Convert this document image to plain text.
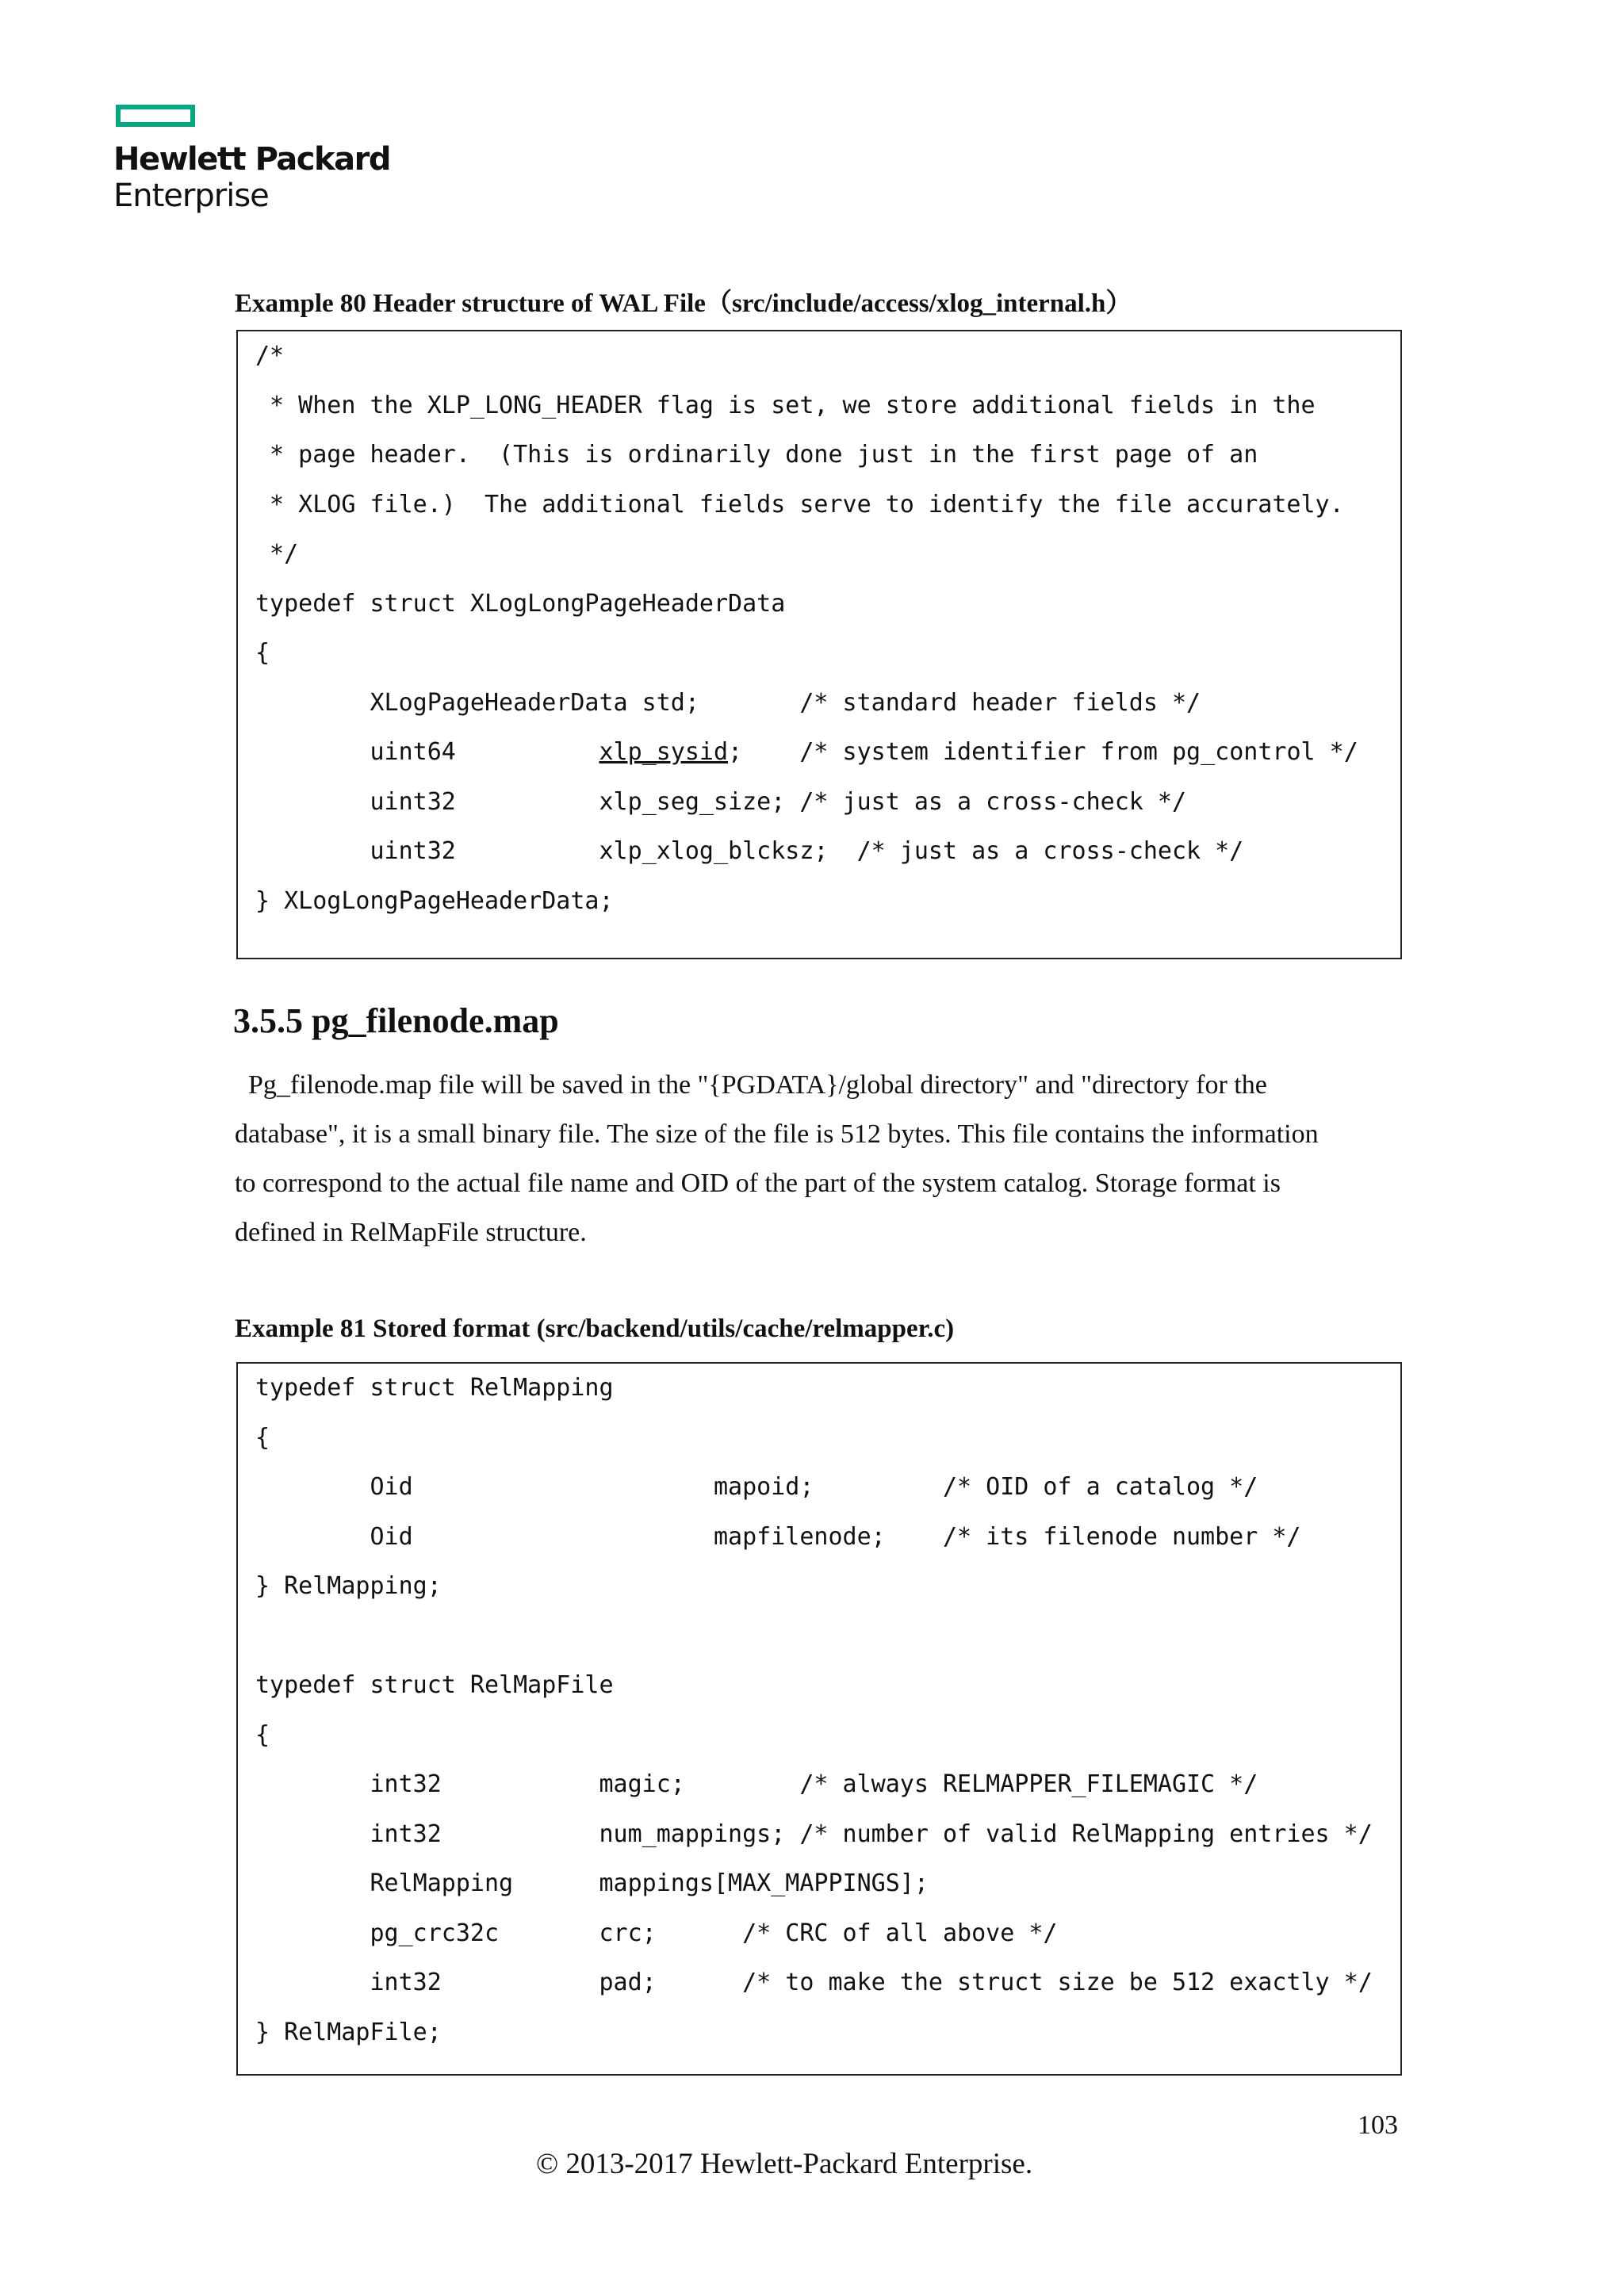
Hewlett Packard
Enterprise
Example 80 Header structure of WAL File（src/include/access/xlog_internal.h）
/*
* When the XLP_LONG_HEADER flag is set, we store additional fields in the
* page header.  (This is ordinarily done just in the first page of an
* XLOG file.)  The additional fields serve to identify the file accurately.
*/
typedef struct XLogLongPageHeaderData
{
XLogPageHeaderData std;       /* standard header fields */
uint64          xlp_sysid;    /* system identifier from pg_control */
uint32          xlp_seg_size; /* just as a cross-check */
uint32          xlp_xlog_blcksz;  /* just as a cross-check */
} XLogLongPageHeaderData;
3.5.5 pg_filenode.map
Pg_filenode.map file will be saved in the "{PGDATA}/global directory" and "directory for the
database", it is a small binary file. The size of the file is 512 bytes. This file contains the information
to correspond to the actual file name and OID of the part of the system catalog. Storage format is
defined in RelMapFile structure.
Example 81 Stored format (src/backend/utils/cache/relmapper.c)
typedef struct RelMapping
{
Oid                     mapoid;         /* OID of a catalog */
Oid                     mapfilenode;    /* its filenode number */
} RelMapping;
typedef struct RelMapFile
{
int32           magic;        /* always RELMAPPER_FILEMAGIC */
int32           num_mappings; /* number of valid RelMapping entries */
RelMapping      mappings[MAX_MAPPINGS];
pg_crc32c       crc;      /* CRC of all above */
int32           pad;      /* to make the struct size be 512 exactly */
} RelMapFile;
103
© 2013-2017 Hewlett-Packard Enterprise.
